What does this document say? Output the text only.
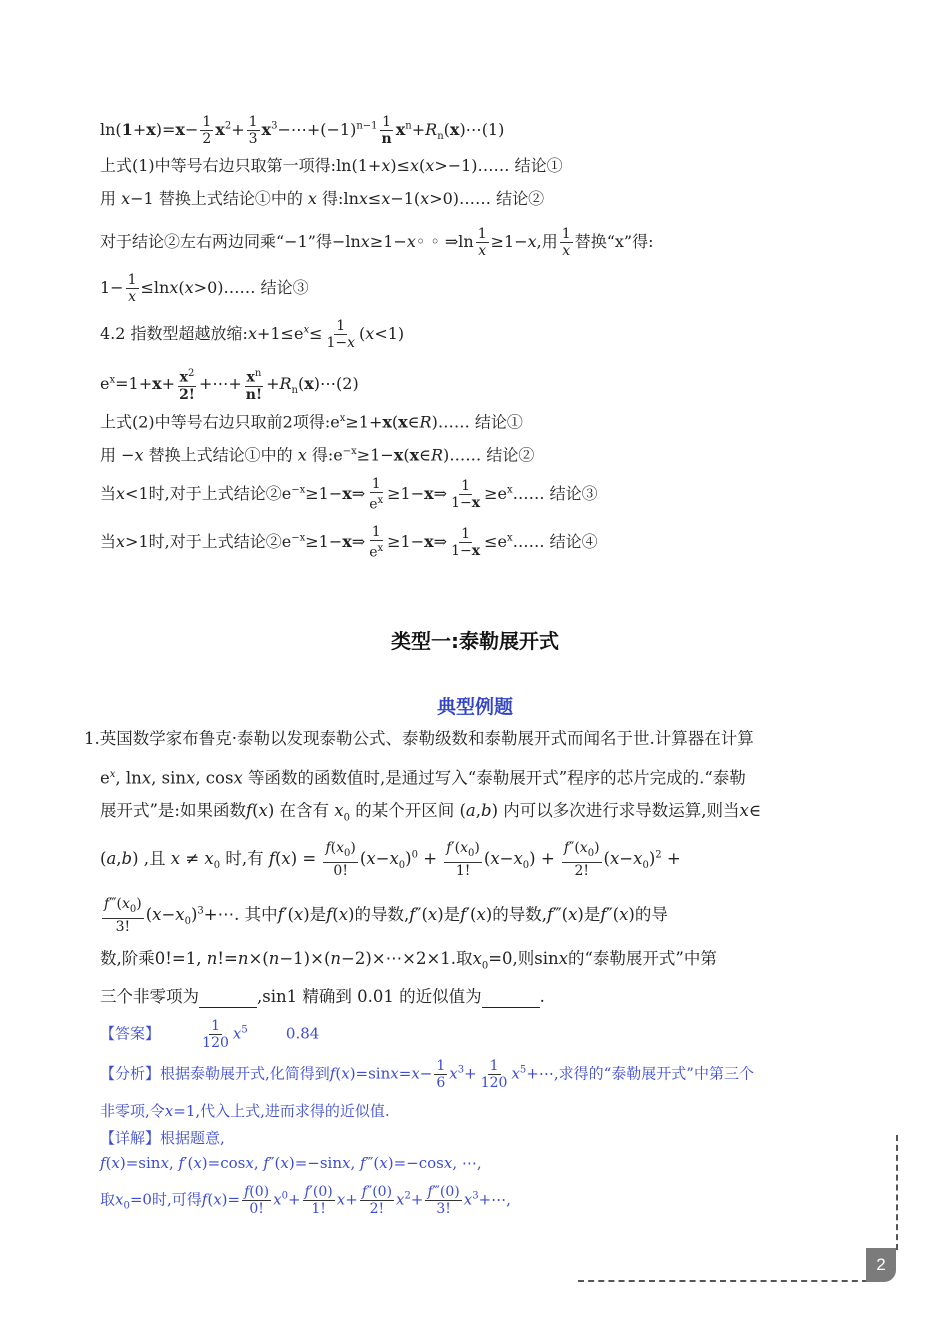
$\ln(1+x)=x- \frac{1}{2} x^2+ \frac{1}{3}$ $x^3-\cdots+(-1)^{n-1} \frac{1}{n}$ $x^n+R_n(x)\cdots(1)$
上式(1)中等号右边只取第一项得:ln(1+x)≤x(x>−1)…… 结论①
用 x−1 替换上式结论①中的 x 得:lnx≤x−1(x>0)…… 结论②
对于结论②左右两边同乘“−1”得−lnx≥1−x◦ ◦ ⇒ln $\frac{1}{x} \ge 1-x$,用 $\frac{1}{x}$ 替换“x”得:
$1- \frac{1}{x}$ ≤lnx(x>0)…… 结论③
4.2 指数型超越放缩$:x+1\le e^x\le \frac{1}{1-x} (x<1)$
$e^x=1+x+ \frac{x^2}{2!}$ +⋯+ $\frac{x^n}{n!}$ $+R_n(x)\cdots(2)$
上式(2)中等号右边只取前2项得$:e^x\ge 1+x(x\in R)\dots\dots$ 结论①
用 −x 替换上式结论①中的 x 得$:e^{-x}\ge 1-x(x\in R)\dots\dots$ 结论②
当x<1时,对于上式结论$②e^{-x}\ge 1-x\Rightarrow \frac{1}{e^x}$ ≥1−x⇒ $\frac{1}{1-x}$ $\ge e^x\dots\dots$ 结论③
当x>1时,对于上式结论$②e^{-x}\ge 1-x\Rightarrow \frac{1}{e^x}$ ≥1−x⇒ $\frac{1}{1-x}$ $\le e^x\dots\dots$ 结论④
类型一:泰勒展开式
典型例题
1.英国数学家布鲁克·泰勒以发现泰勒公式、泰勒级数和泰勒展开式而闻名于世.计算器在计算
$e^x$, lnx, sinx, cosx 等函数的函数值时,是通过写入“泰勒展开式”程序的芯片完成的.“泰勒
展开式”是:如果函数f(x) 在含有 $x_0$ 的某个开区间 (a,b) 内可以多次进行求导数运算,则当x∈
(a,b) ,且 $x \ne x_0$ 时,有 $f(x) = \frac{f(x_0)}{0!} (x-x_0)^0 + \frac{f'(x_0)}{1!} (x-x_0) + \frac{f''(x_0)}{2!} (x-x_0)^2$ +
$\frac{f‴(x_0)}{3!}$ $(x-x_0)^3+\cdots$. 其中f′(x)是f(x)的导数,f″(x)是f′(x)的导数,f‴(x)是f″(x)的导
数,阶乘0!=1, n!=n×(n−1)×(n−2)×⋯×2×1.取$x_0=0$,则sinx的“泰勒展开式”中第
三个非零项为	,sin1 精确到 0.01 的近似值为	.
【答案】	$\frac{1}{120} x^5$	0.84
【分析】根据泰勒展开式,化简得到$f(x)=\sin x=x- \frac{1}{6} x^3+ \frac{1}{120}$ $x^5+\cdots$,求得的“泰勒展开式”中第三个
非零项,令x=1,代入上式,进而求得的近似值.
【详解】根据题意,
f(x)=sinx, f′(x)=cosx, f″(x)=−sinx, f‴(x)=−cosx, ⋯,
取$x_0=0$时,可得$f(x)= \frac{f(0)}{0!} x^0+ \frac{f'(0)}{1!} x+ \frac{f''(0)}{2!} x^2+ \frac{f‴(0)}{3!}$ $x^3+\cdots$,
2
